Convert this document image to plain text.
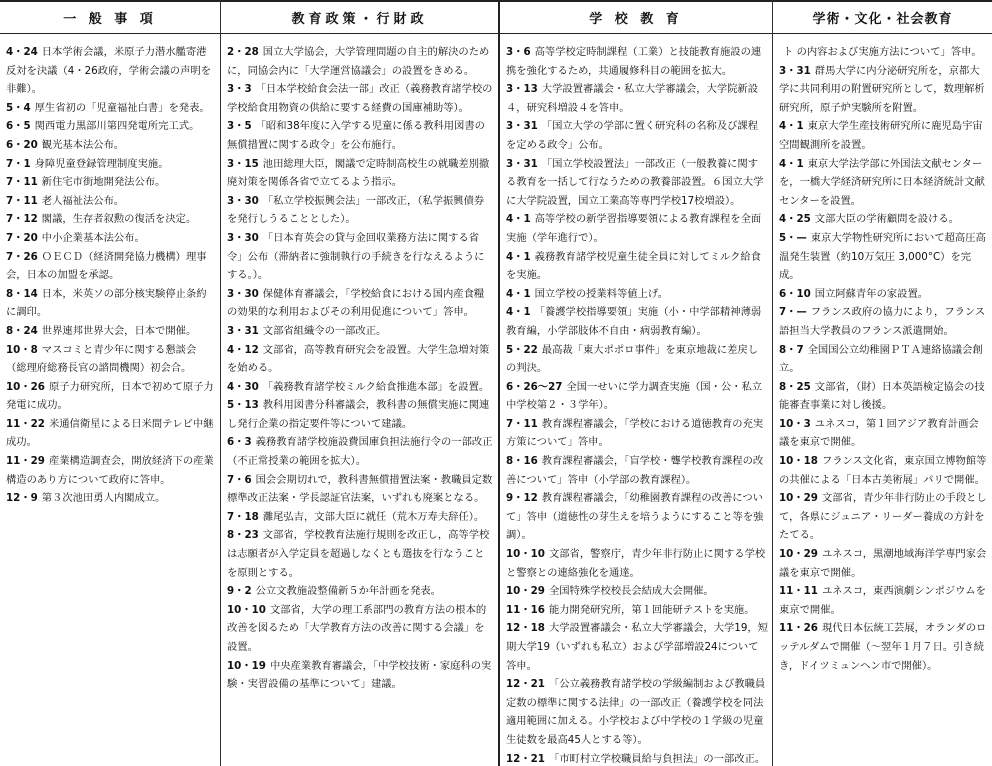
一 般 事 項
4・24 日本学術会議，米原子力潜水艦寄港反対を決議（4・26政府，学術会議の声明を非難）。
5・4 厚生省初の「児童福祉白書」を発表。
6・5 関西電力黒部川第四発電所完工式。
6・20 観光基本法公布。
7・1 身障児童登録管理制度実施。
7・11 新住宅市街地開発法公布。
7・11 老人福祉法公布。
7・12 閣議，生存者叙勲の復活を決定。
7・20 中小企業基本法公布。
7・26 ＯＥＣＤ（経済開発協力機構）理事会，日本の加盟を承認。
8・14 日本，米英ソの部分核実験停止条約に調印。
8・24 世界連邦世界大会，日本で開催。
10・8 マスコミと青少年に関する懇談会（総理府総務長官の諮問機関）初会合。
10・26 原子力研究所，日本で初めて原子力発電に成功。
11・22 米通信衛星による日米間テレビ中継成功。
11・29 産業構造調査会，開放経済下の産業構造のあり方について政府に答申。
12・9 第３次池田勇人内閣成立。
教育政策・行財政
2・28 国立大学協会，大学管理問題の自主的解決のために，同協会内に「大学運営協議会」の設置をきめる。
3・3 「日本学校給食会法一部」改正（義務教育諸学校の学校給食用物資の供給に要する経費の国庫補助等）。
3・5 「昭和38年度に入学する児童に係る教科用図書の無償措置に関する政令」を公布施行。
3・15 池田総理大臣，閣議で定時制高校生の就職差別撤廃対策を関係各省で立てるよう指示。
3・30 「私立学校振興会法」一部改正，（私学振興債券を発行しうることとした）。
3・30 「日本育英会の貸与金回収業務方法に関する省令」公布（滞納者に強制執行の手続きを行なえるようにする。）。
3・30 保健体育審議会，「学校給食における国内産食糧の効果的な利用およびその利用促進について」答申。
3・31 文部省組織令の一部改正。
4・12 文部省，高等教育研究会を設置。大学生急増対策を始める。
4・30 「義務教育諸学校ミルク給食推進本部」を設置。
5・13 教科用図書分科審議会，教科書の無償実施に関連し発行企業の指定要件等について建議。
6・3 義務教育諸学校施設費国庫負担法施行令の一部改正（不正常授業の範囲を拡大）。
7・6 国会会期切れで，教科書無償措置法案・教職員定数標準改正法案・学長認証官法案，いずれも廃案となる。
7・18 灘尾弘吉，文部大臣に就任（荒木万寿夫辞任）。
8・23 文部省，学校教育法施行規則を改正し，高等学校は志願者が入学定員を超過しなくとも選抜を行なうことを原則とする。
9・2 公立文教施設整備新５か年計画を発表。
10・10 文部省，大学の理工系部門の教育方法の根本的改善を図るため「大学教育方法の改善に関する会議」を設置。
10・19 中央産業教育審議会，「中学校技術・家庭科の実験・実習設備の基準について」建議。
学 校 教 育
3・6 高等学校定時制課程（工業）と技能教育施設の連携を強化するため，共通履修科目の範囲を拡大。
3・13 大学設置審議会・私立大学審議会，大学院新設４，研究科増設４を答申。
3・31 「国立大学の学部に置く研究科の名称及び課程を定める政令」公布。
3・31 「国立学校設置法」一部改正（一般教養に関する教育を一括して行なうための教養部設置。６国立大学に大学院設置，国立工業高等専門学校17校増設）。
4・1 高等学校の新学習指導要領による教育課程を全面実施（学年進行で）。
4・1 義務教育諸学校児童生徒全員に対してミルク給食を実施。
4・1 国立学校の授業料等値上げ。
4・1 「養護学校指導要領」実施（小・中学部精神薄弱教育編，小学部肢体不自由・病弱教育編）。
5・22 最高裁「東大ポポロ事件」を東京地裁に差戻しの判決。
6・26〜27 全国一せいに学力調査実施（国・公・私立中学校第２・３学年）。
7・11 教育課程審議会，「学校における道徳教育の充実方策について」答申。
8・16 教育課程審議会，「盲学校・聾学校教育課程の改善について」答申（小学部の教育課程）。
9・12 教育課程審議会，「幼稚園教育課程の改善について」答申（道徳性の芽生えを培うようにすること等を強調）。
10・10 文部省，警察庁，青少年非行防止に関する学校と警察との連絡強化を通達。
10・29 全国特殊学校校長会結成大会開催。
11・16 能力開発研究所，第１回能研テストを実施。
12・18 大学設置審議会・私立大学審議会，大学19，短期大学19（いずれも私立）および学部増設24について答申。
12・21 「公立義務教育諸学校の学級編制および教職員定数の標準に関する法律」の一部改正（養護学校を同法適用範囲に加える。小学校および中学校の１学級の児童生徒数を最高45人とする等）。
12・21 「市町村立学校職員給与負担法」の一部改正。
学術・文化・社会教育
ト の内容および実施方法について」答申。
3・31 群馬大学に内分泌研究所を，京都大学に共同利用の附置研究所として，数理解析研究所，原子炉実験所を附置。
4・1 東京大学生産技術研究所に鹿児島宇宙空間観測所を設置。
4・1 東京大学法学部に外国法文献センターを，一橋大学経済研究所に日本経済統計文献センターを設置。
4・25 文部大臣の学術顧問を設ける。
5・— 東京大学物性研究所において超高圧高温発生装置（約10万気圧 3,000°C）を完成。
6・10 国立阿蘇青年の家設置。
7・— フランス政府の協力により，フランス語担当大学教員のフランス派遣開始。
8・7 全国国公立幼稚園ＰＴＡ連絡協議会創立。
8・25 文部省，（財）日本英語検定協会の技能審査事業に対し後援。
10・3 ユネスコ，第１回アジア教育計画会議を東京で開催。
10・18 フランス文化省，東京国立博物館等の共催による「日本古美術展」パリで開催。
10・29 文部省，青少年非行防止の手段として，各県にジュニア・リーダー養成の方針をたてる。
10・29 ユネスコ，黒潮地域海洋学専門家会議を東京で開催。
11・11 ユネスコ，東西演劇シンポジウムを東京で開催。
11・26 現代日本伝統工芸展，オランダのロッテルダムで開催（〜翌年１月７日。引き続き，ドイツミュンヘン市で開催）。
